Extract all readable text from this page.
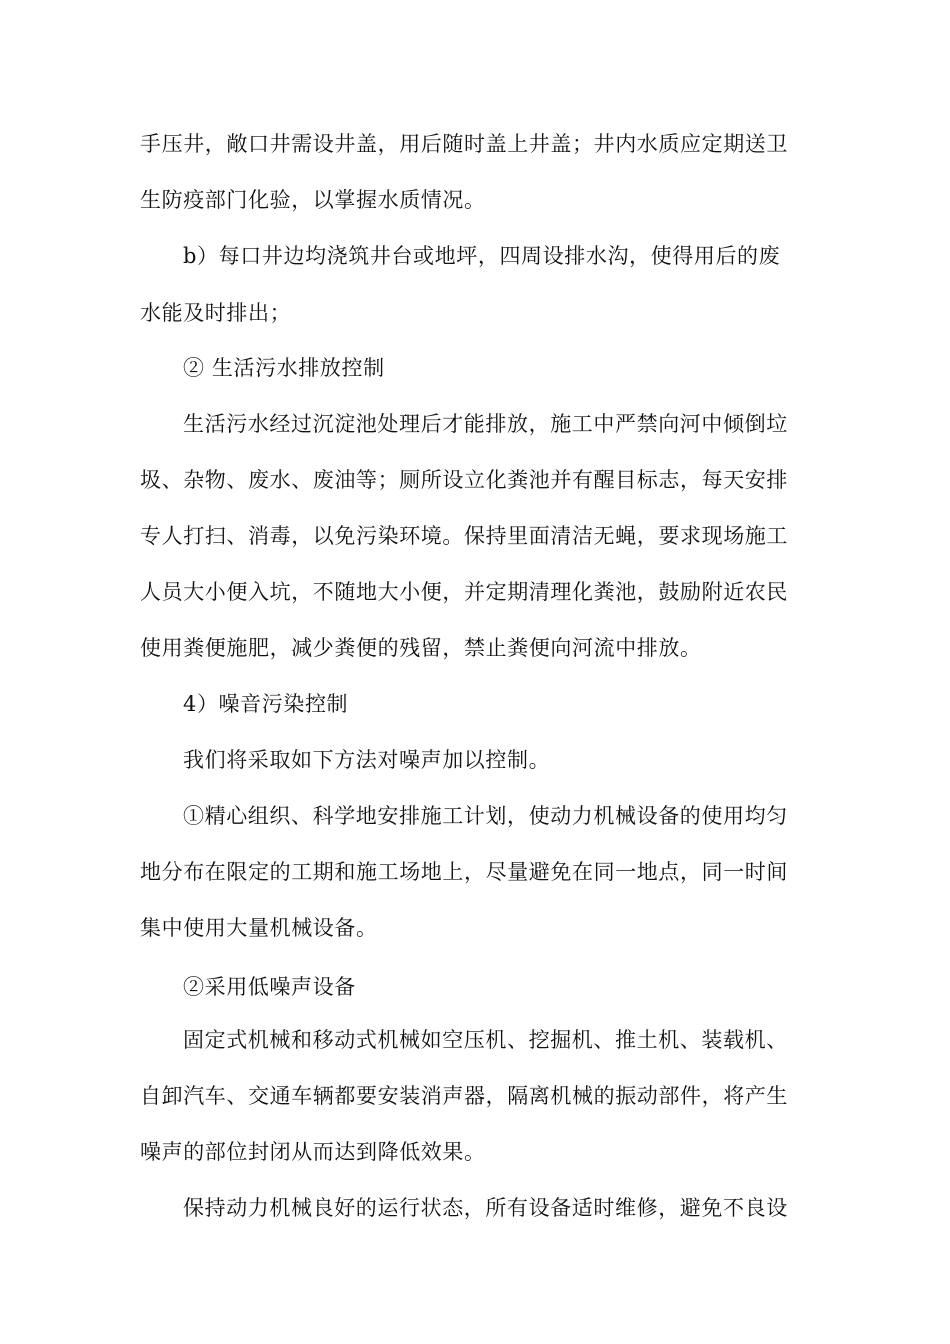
手压井，敞口井需设井盖，用后随时盖上井盖；井内水质应定期送卫
生防疫部门化验，以掌握水质情况。
b）每口井边均浇筑井台或地坪，四周设排水沟，使得用后的废
水能及时排出；
② 生活污水排放控制
生活污水经过沉淀池处理后才能排放，施工中严禁向河中倾倒垃
圾、杂物、废水、废油等；厕所设立化粪池并有醒目标志，每天安排
专人打扫、消毒，以免污染环境。保持里面清洁无蝇，要求现场施工
人员大小便入坑，不随地大小便，并定期清理化粪池，鼓励附近农民
使用粪便施肥，减少粪便的残留，禁止粪便向河流中排放。
4）噪音污染控制
我们将采取如下方法对噪声加以控制。
①精心组织、科学地安排施工计划，使动力机械设备的使用均匀
地分布在限定的工期和施工场地上，尽量避免在同一地点，同一时间
集中使用大量机械设备。
②采用低噪声设备
固定式机械和移动式机械如空压机、挖掘机、推土机、装载机、
自卸汽车、交通车辆都要安装消声器，隔离机械的振动部件，将产生
噪声的部位封闭从而达到降低效果。
保持动力机械良好的运行状态，所有设备适时维修，避免不良设
